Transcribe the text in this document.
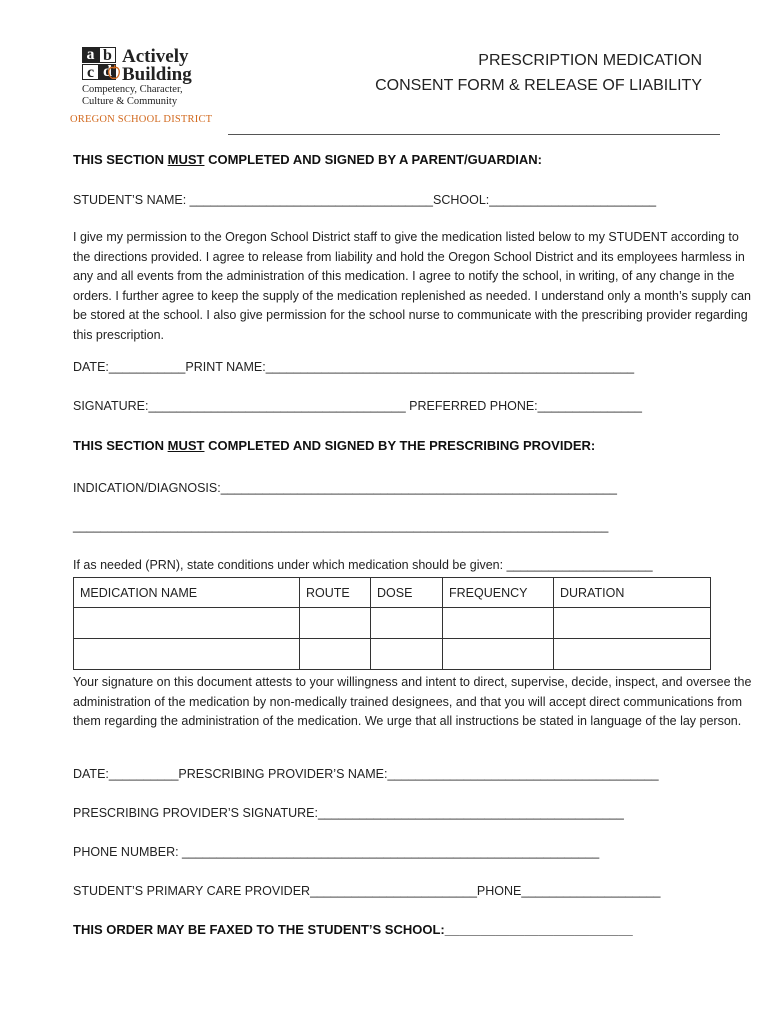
a b
c d
Actively
Building
Competency, Character,
Culture & Community
OREGON SCHOOL DISTRICT
PRESCRIPTION MEDICATION
CONSENT FORM & RELEASE OF LIABILITY
THIS SECTION MUST COMPLETED AND SIGNED BY A PARENT/GUARDIAN:
STUDENT’S NAME: ___________________________________SCHOOL:________________________
I give my permission to the Oregon School District staff to give the medication listed below to my STUDENT according to the directions provided. I agree to release from liability and hold the Oregon School District and its employees harmless in any and all events from the administration of this medication. I agree to notify the school, in writing, of any change in the orders. I further agree to keep the supply of the medication replenished as needed. I understand only a month’s supply can be stored at the school. I also give permission for the school nurse to communicate with the prescribing provider regarding this prescription.
DATE:___________PRINT NAME:_____________________________________________________
SIGNATURE:_____________________________________ PREFERRED PHONE:_______________
THIS SECTION MUST COMPLETED AND SIGNED BY THE PRESCRIBING PROVIDER:
INDICATION/DIAGNOSIS:_________________________________________________________
_____________________________________________________________________________
If as needed (PRN), state conditions under which medication should be given: _____________________
MEDICATION NAME	ROUTE	DOSE	FREQUENCY	DURATION

Your signature on this document attests to your willingness and intent to direct, supervise, decide, inspect, and oversee the administration of the medication by non-medically trained designees, and that you will accept direct communications from them regarding the administration of the medication. We urge that all instructions be stated in language of the lay person.
DATE:__________PRESCRIBING PROVIDER’S NAME:_______________________________________
PRESCRIBING PROVIDER’S SIGNATURE:____________________________________________
PHONE NUMBER: ____________________________________________________________
STUDENT’S PRIMARY CARE PROVIDER________________________PHONE____________________
THIS ORDER MAY BE FAXED TO THE STUDENT’S SCHOOL:__________________________
